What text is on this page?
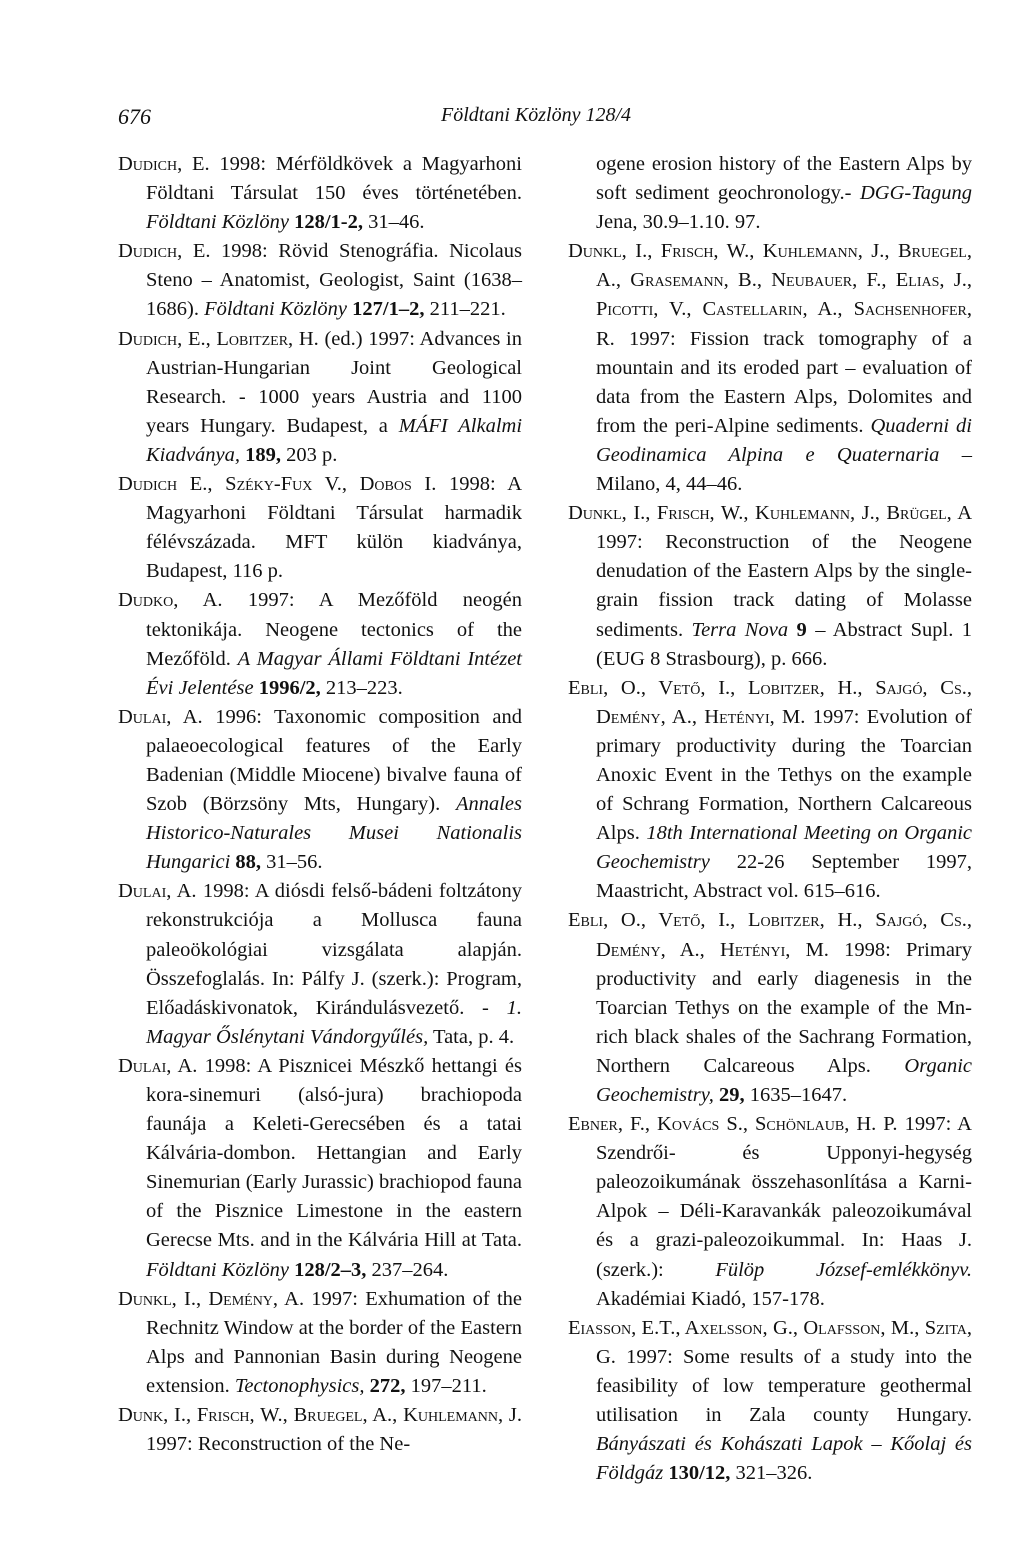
676	Földtani Közlöny 128/4

Dudich, E. 1998: Mérföldkövek a Magyarhoni Földtani Társulat 150 éves történetében. Földtani Közlöny 128/1-2, 31–46.

Dudich, E. 1998: Rövid Stenográfia. Nicolaus Steno – Anatomist, Geologist, Saint (1638–1686). Földtani Közlöny 127/1–2, 211–221.

Dudich, E., Lobitzer, H. (ed.) 1997: Advances in Austrian-Hungarian Joint Geological Research. - 1000 years Austria and 1100 years Hungary. Budapest, a MÁFI Alkalmi Kiadványa, 189, 203 p.

Dudich E., Széky-Fux V., Dobos I. 1998: A Magyarhoni Földtani Társulat harmadik félévszázada. MFT külön kiadványa, Budapest, 116 p.

Dudko, A. 1997: A Mezőföld neogén tektonikája. Neogene tectonics of the Mezőföld. A Magyar Állami Földtani Intézet Évi Jelentése 1996/2, 213–223.

Dulai, A. 1996: Taxonomic composition and palaeoecological features of the Early Badenian (Middle Miocene) bivalve fauna of Szob (Börzsöny Mts, Hungary). Annales Historico-Naturales Musei Nationalis Hungarici 88, 31–56.

Dulai, A. 1998: A diósdi felső-bádeni foltzátony rekonstrukciója a Mollusca fauna paleoökológiai vizsgálata alapján. Összefoglalás. In: Pálfy J. (szerk.): Program, Előadáskivonatok, Kirándulásvezető. - 1. Magyar Őslénytani Vándorgyűlés, Tata, p. 4.

Dulai, A. 1998: A Pisznicei Mészkő hettangi és kora-sinemuri (alsó-jura) brachiopoda faunája a Keleti-Gerecsében és a tatai Kálvária-dombon. Hettangian and Early Sinemurian (Early Jurassic) brachiopod fauna of the Pisznice Limestone in the eastern Gerecse Mts. and in the Kálvária Hill at Tata. Földtani Közlöny 128/2–3, 237–264.

Dunkl, I., Demény, A. 1997: Exhumation of the Rechnitz Window at the border of the Eastern Alps and Pannonian Basin during Neogene extension. Tectonophysics, 272, 197–211.

Dunk, I., Frisch, W., Bruegel, A., Kuhlemann, J. 1997: Reconstruction of the Ne-

ogene erosion history of the Eastern Alps by soft sediment geochronology.- DGG-Tagung Jena, 30.9–1.10. 97.

Dunkl, I., Frisch, W., Kuhlemann, J., Bruegel, A., Grasemann, B., Neubauer, F., Elias, J., Picotti, V., Castellarin, A., Sachsenhofer, R. 1997: Fission track tomography of a mountain and its eroded part – evaluation of data from the Eastern Alps, Dolomites and from the peri-Alpine sediments. Quaderni di Geodinamica Alpina e Quaternaria – Milano, 4, 44–46.

Dunkl, I., Frisch, W., Kuhlemann, J., Brügel, A 1997: Reconstruction of the Neogene denudation of the Eastern Alps by the single-grain fission track dating of Molasse sediments. Terra Nova 9 – Abstract Supl. 1 (EUG 8 Strasbourg), p. 666.

Ebli, O., Vető, I., Lobitzer, H., Sajgó, Cs., Demény, A., Hetényi, M. 1997: Evolution of primary productivity during the Toarcian Anoxic Event in the Tethys on the example of Schrang Formation, Northern Calcareous Alps. 18th International Meeting on Organic Geochemistry 22-26 September 1997, Maastricht, Abstract vol. 615–616.

Ebli, O., Vető, I., Lobitzer, H., Sajgó, Cs., Demény, A., Hetényi, M. 1998: Primary productivity and early diagenesis in the Toarcian Tethys on the example of the Mn-rich black shales of the Sachrang Formation, Northern Calcareous Alps. Organic Geochemistry, 29, 1635–1647.

Ebner, F., Kovács S., Schönlaub, H. P. 1997: A Szendrői- és Upponyi-hegység paleozoikumának összehasonlítása a Karni-Alpok – Déli-Karavankák paleozoikumával és a grazi-paleozoikummal. In: Haas J. (szerk.): Fülöp József-emlékkönyv. Akadémiai Kiadó, 157-178.

Eiasson, E.T., Axelsson, G., Olafsson, M., Szita, G. 1997: Some results of a study into the feasibility of low temperature geothermal utilisation in Zala county Hungary. Bányászati és Kohászati Lapok – Kőolaj és Földgáz 130/12, 321–326.
